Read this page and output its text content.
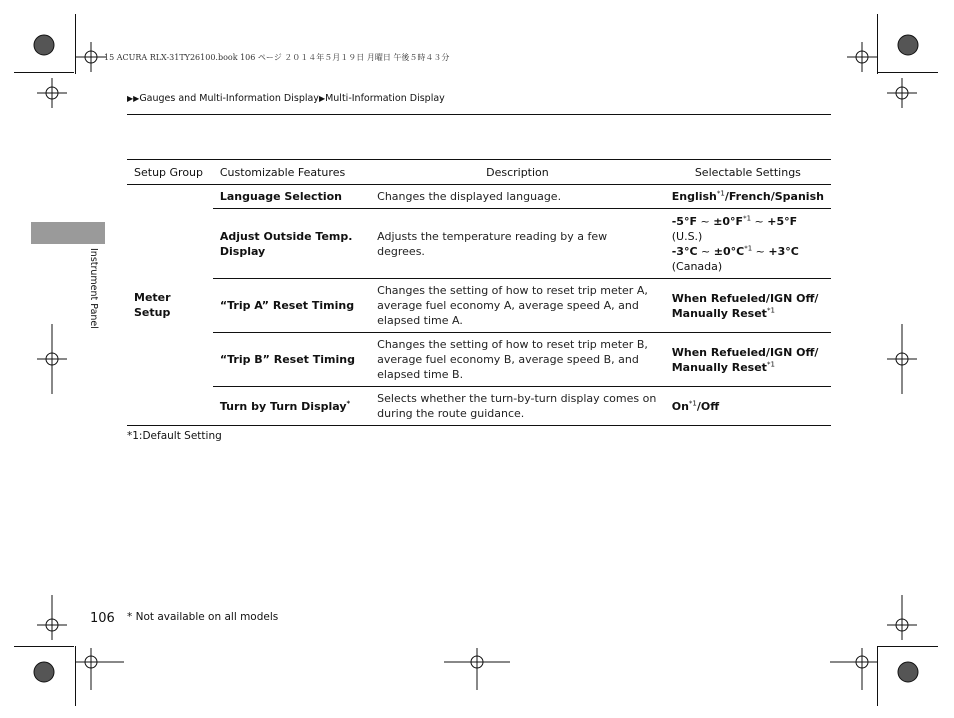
15 ACURA RLX-31TY26100.book 106 ページ ２０１４年５月１９日 月曜日 午後５時４３分
▶▶Gauges and Multi-Information Display▶Multi-Information Display
Instrument Panel
Setup Group	Customizable Features	Description	Selectable Settings
Meter Setup	Language Selection	Changes the displayed language.	English$^{*1}$/French/Spanish
	Adjust Outside Temp. Display	Adjusts the temperature reading by a few degrees.	-5°F ~ $\pm 0^\circ F^{*1}$ ~ +5°F
(U.S.)
-3°C ~ $\pm 0^\circ C^{*1}$ ~ +3°C
(Canada)

	“Trip A” Reset Timing	Changes the setting of how to reset trip meter A, average fuel economy A, average speed A, and elapsed time A.	When Refueled/IGN Off/
Manually Reset$^{*1}$

	“Trip B” Reset Timing	Changes the setting of how to reset trip meter B, average fuel economy B, average speed B, and elapsed time B.	When Refueled/IGN Off/
Manually Reset$^{*1}$

	Turn by Turn Display*	Selects whether the turn-by-turn display comes on during the route guidance.	On$^{*1}$/Off
*1:Default Setting
106 * Not available on all models
